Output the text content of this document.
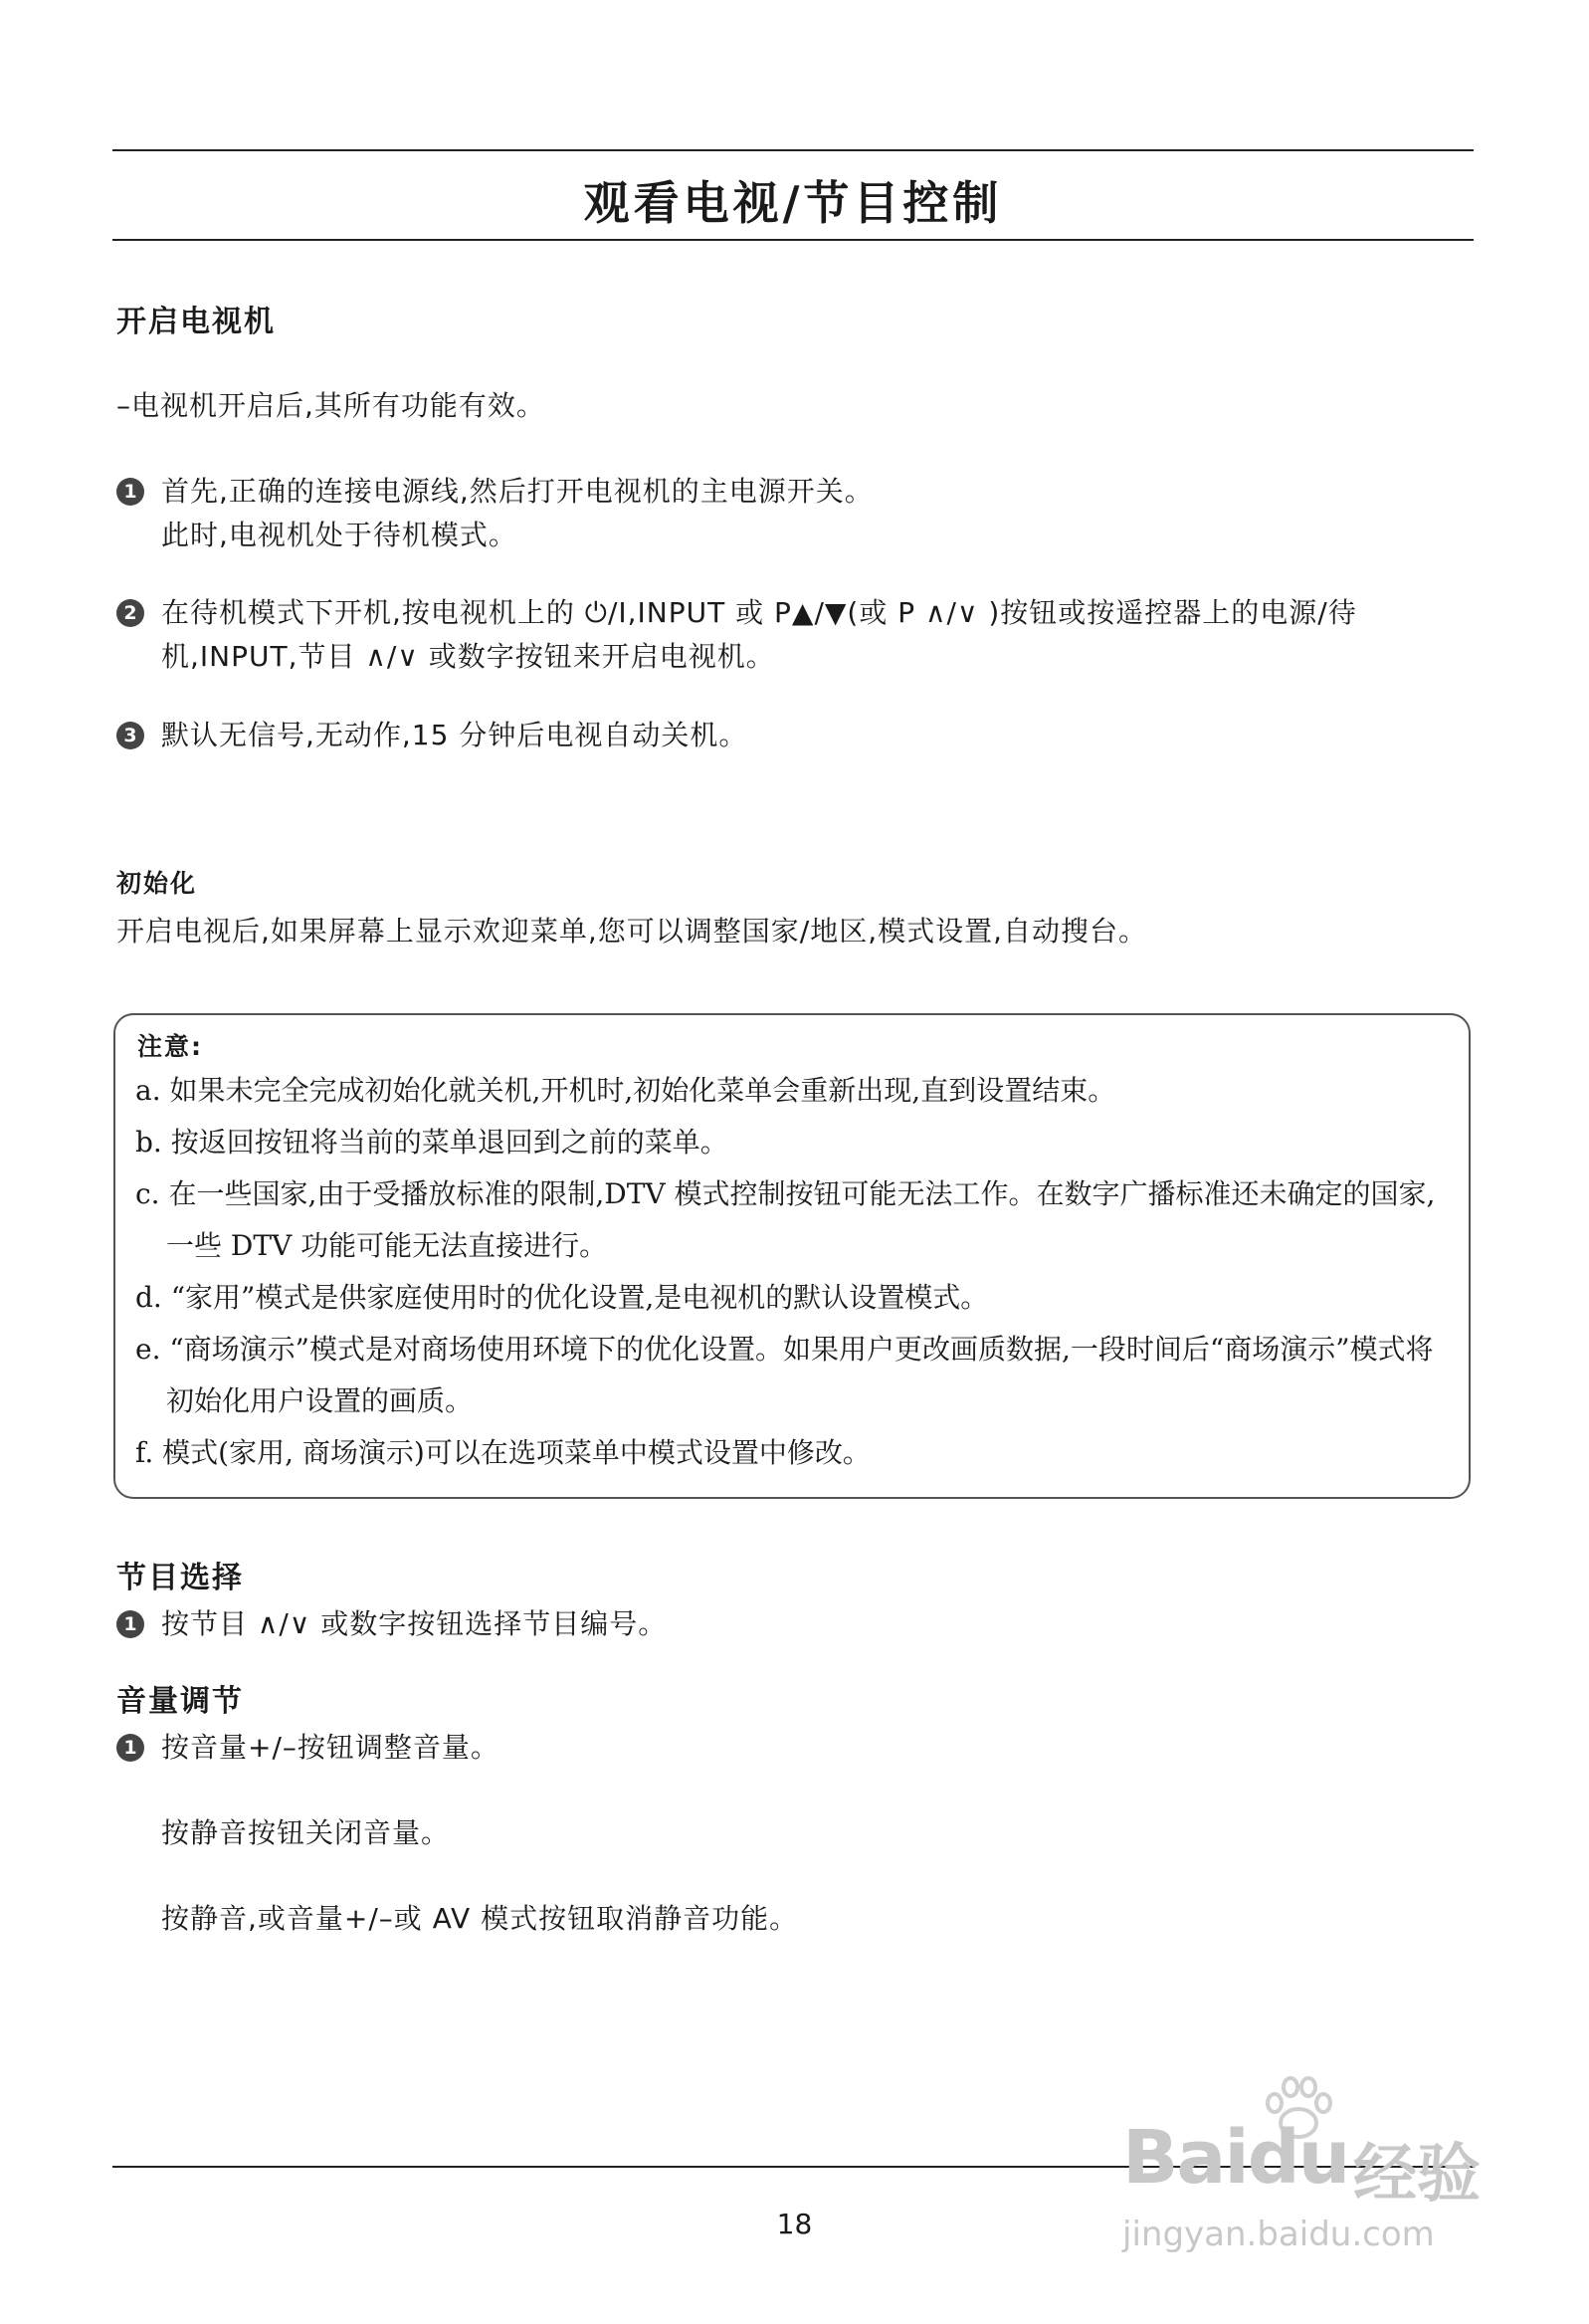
观看电视/节目控制
开启电视机
–电视机开启后,其所有功能有效。
1 首先,正确的连接电源线,然后打开电视机的主电源开关。
此时,电视机处于待机模式。
2 在待机模式下开机,按电视机上的 ⏻/I,INPUT 或 P▲/▼(或 P ∧/∨ )按钮或按遥控器上的电源/待
机,INPUT,节目 ∧/∨ 或数字按钮来开启电视机。
3 默认无信号,无动作,15 分钟后电视自动关机。
初始化
开启电视后,如果屏幕上显示欢迎菜单,您可以调整国家/地区,模式设置,自动搜台。
注意:
a. 如果未完全完成初始化就关机,开机时,初始化菜单会重新出现,直到设置结束。
b. 按返回按钮将当前的菜单退回到之前的菜单。
c. 在一些国家,由于受播放标准的限制,DTV 模式控制按钮可能无法工作。在数字广播标准还未确定的国家,一些 DTV 功能可能无法直接进行。
d. “家用”模式是供家庭使用时的优化设置,是电视机的默认设置模式。
e. “商场演示”模式是对商场使用环境下的优化设置。如果用户更改画质数据,一段时间后“商场演示”模式将初始化用户设置的画质。
f. 模式(家用, 商场演示)可以在选项菜单中模式设置中修改。
节目选择
1 按节目 ∧/∨ 或数字按钮选择节目编号。
音量调节
1 按音量+/–按钮调整音量。
按静音按钮关闭音量。
按静音,或音量+/–或 AV 模式按钮取消静音功能。
18
Baidu 经验
jingyan.baidu.com
